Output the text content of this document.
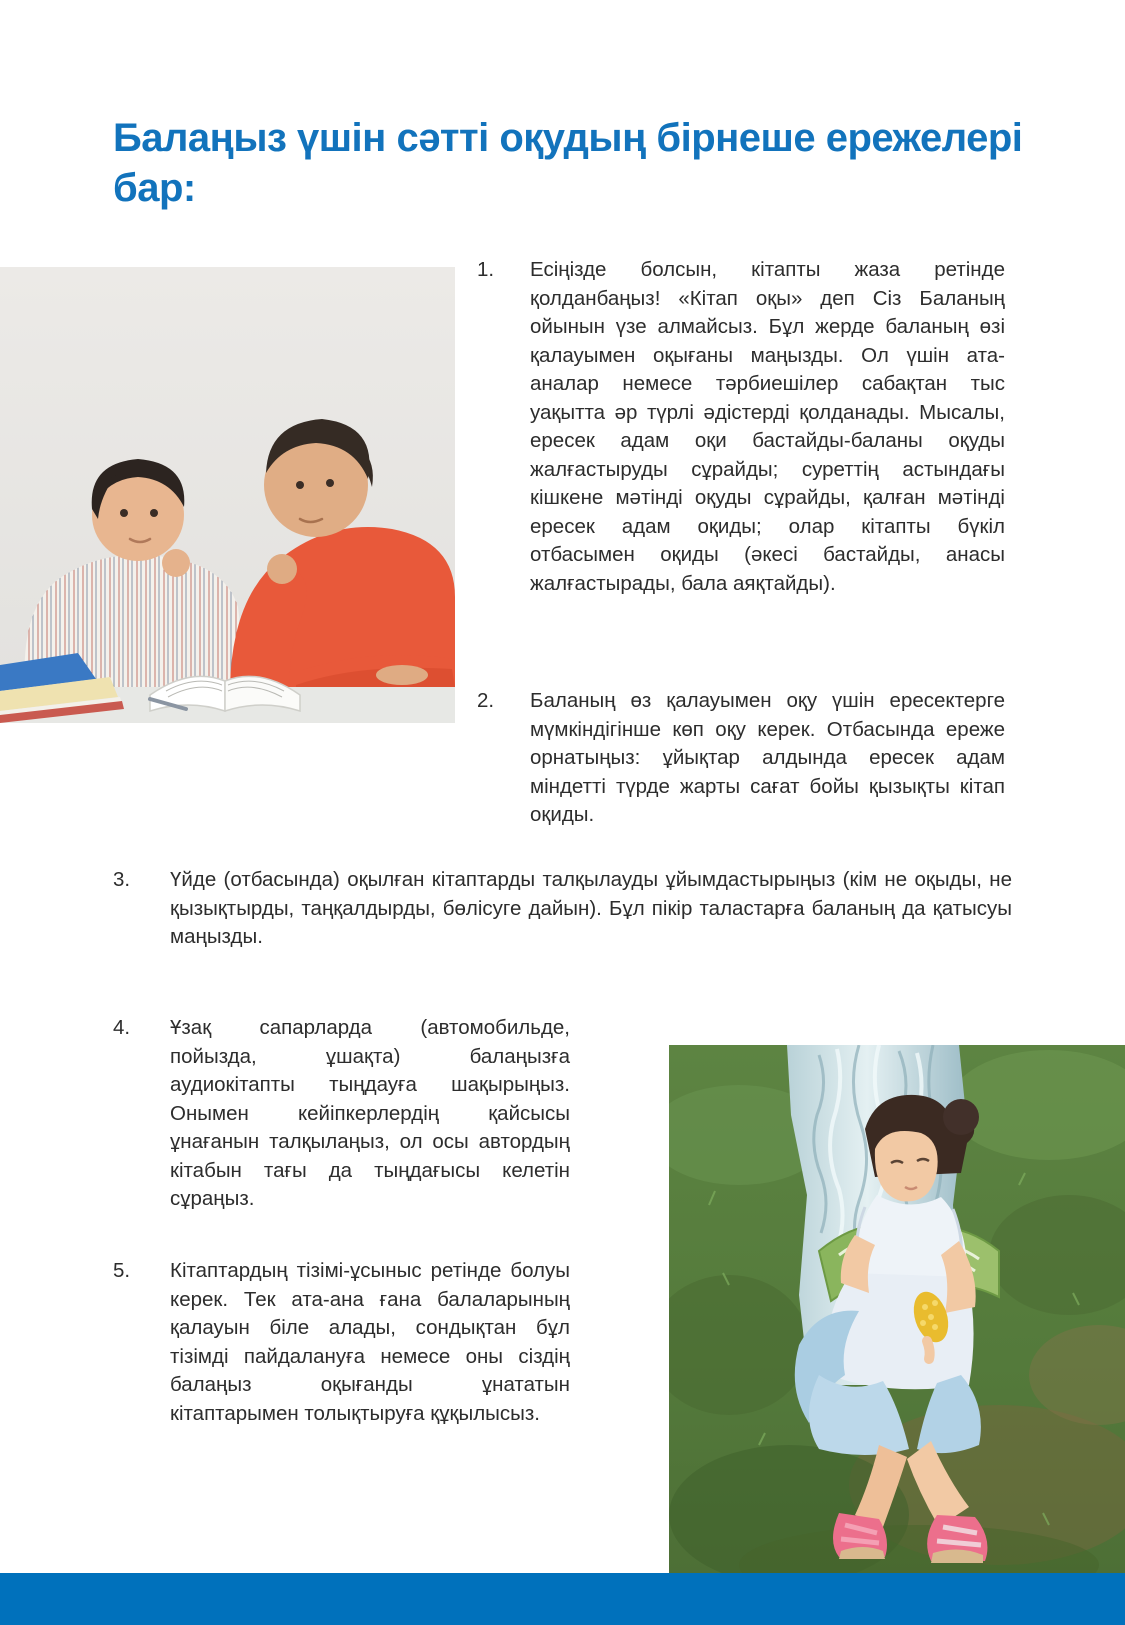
Балаңыз үшін сәтті оқудың бірнеше ережелері бар:
1.	Есіңізде болсын, кітапты жаза ретінде қолданбаңыз! «Кітап оқы» деп Сіз Баланың ойынын үзе алмайсыз. Бұл жерде баланың өзі қалауымен оқығаны маңызды. Ол үшін ата-аналар немесе тәрбиешілер сабақтан тыс уақытта әр түрлі әдістерді қолданады. Мысалы, ересек адам оқи бастайды-баланы оқуды жалғастыруды сұрайды; суреттің астындағы кішкене мәтінді оқуды сұрайды, қалған мәтінді ересек адам оқиды; олар кітапты бүкіл отбасымен оқиды (әкесі бастайды, анасы жалғастырады, бала аяқтайды).
2.	Баланың өз қалауымен оқу үшін ересектерге мүмкіндігінше көп оқу керек. Отбасында ереже орнатыңыз: ұйықтар алдында ересек адам міндетті түрде жарты сағат бойы қызықты кітап оқиды.
3.	Үйде (отбасында) оқылған кітаптарды талқылауды ұйымдастырыңыз (кім не оқыды, не қызықтырды, таңқалдырды, бөлісуге дайын). Бұл пікір таластарға баланың да қатысуы маңызды.
4.	Ұзақ сапарларда (автомобильде, пойызда, ұшақта) балаңызға аудиокітапты тыңдауға шақырыңыз. Онымен кейіпкерлердің қайсысы ұнағанын талқылаңыз, ол осы автордың кітабын тағы да тыңдағысы келетін сұраңыз.
5.	Кітаптардың тізімі-ұсыныс ретінде болуы керек. Тек ата-ана ғана балаларының қалауын біле алады, сондықтан бұл тізімді пайдалануға немесе оны сіздің балаңыз оқығанды ұнататын кітаптарымен толықтыруға құқылысыз.
